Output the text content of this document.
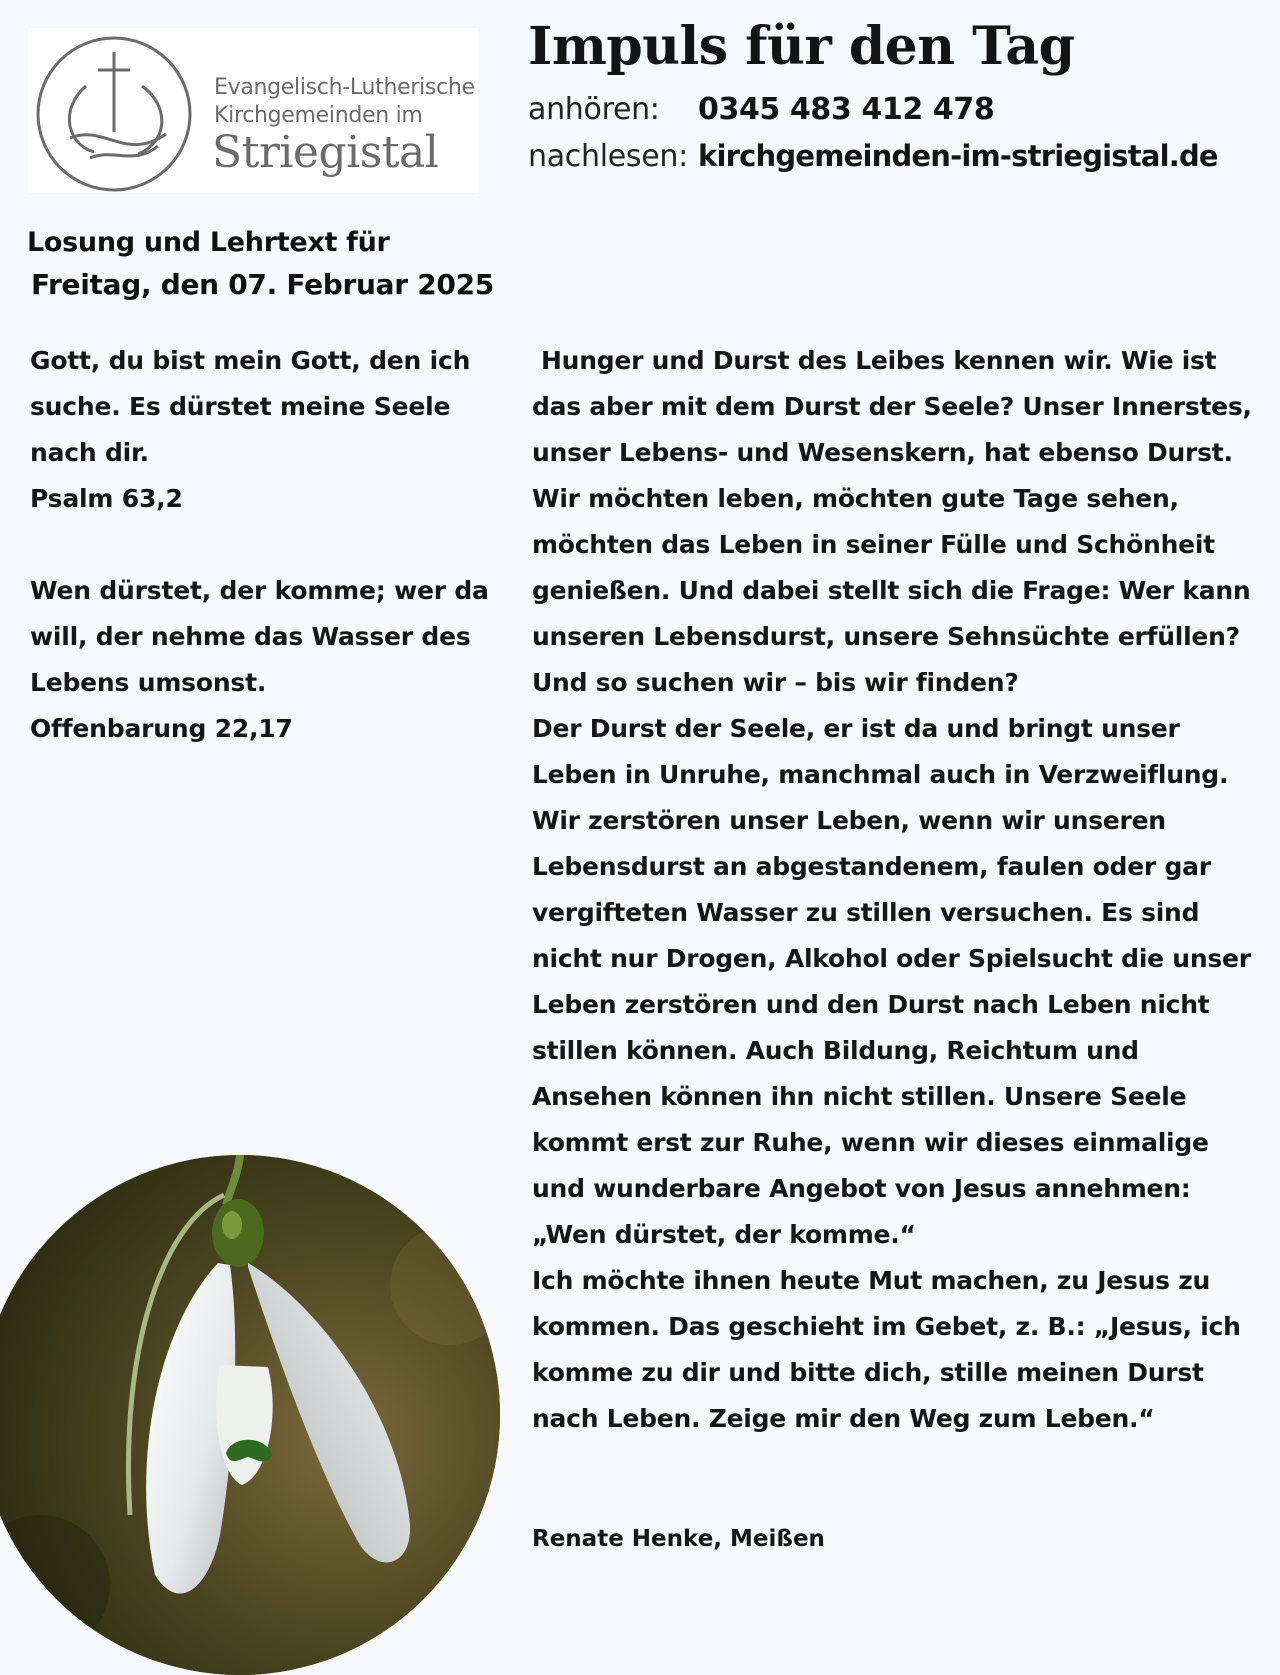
Evangelisch-Lutherische
Kirchgemeinden im
Striegistal
Impuls für den Tag
anhören: 0345 483 412 478
nachlesen: kirchgemeinden-im-striegistal.de
Losung und Lehrtext für
Freitag, den 07. Februar 2025
Gott, du bist mein Gott, den ich
suche. Es dürstet meine Seele
nach dir.
Psalm 63,2
Wen dürstet, der komme; wer da
will, der nehme das Wasser des
Lebens umsonst.
Offenbarung 22,17
Hunger und Durst des Leibes kennen wir. Wie ist
das aber mit dem Durst der Seele? Unser Innerstes,
unser Lebens- und Wesenskern, hat ebenso Durst.
Wir möchten leben, möchten gute Tage sehen,
möchten das Leben in seiner Fülle und Schönheit
genießen. Und dabei stellt sich die Frage: Wer kann
unseren Lebensdurst, unsere Sehnsüchte erfüllen?
Und so suchen wir – bis wir finden?
Der Durst der Seele, er ist da und bringt unser
Leben in Unruhe, manchmal auch in Verzweiflung.
Wir zerstören unser Leben, wenn wir unseren
Lebensdurst an abgestandenem, faulen oder gar
vergifteten Wasser zu stillen versuchen. Es sind
nicht nur Drogen, Alkohol oder Spielsucht die unser
Leben zerstören und den Durst nach Leben nicht
stillen können. Auch Bildung, Reichtum und
Ansehen können ihn nicht stillen. Unsere Seele
kommt erst zur Ruhe, wenn wir dieses einmalige
und wunderbare Angebot von Jesus annehmen:
„Wen dürstet, der komme.“
Ich möchte ihnen heute Mut machen, zu Jesus zu
kommen. Das geschieht im Gebet, z. B.: „Jesus, ich
komme zu dir und bitte dich, stille meinen Durst
nach Leben. Zeige mir den Weg zum Leben.“
Renate Henke, Meißen
